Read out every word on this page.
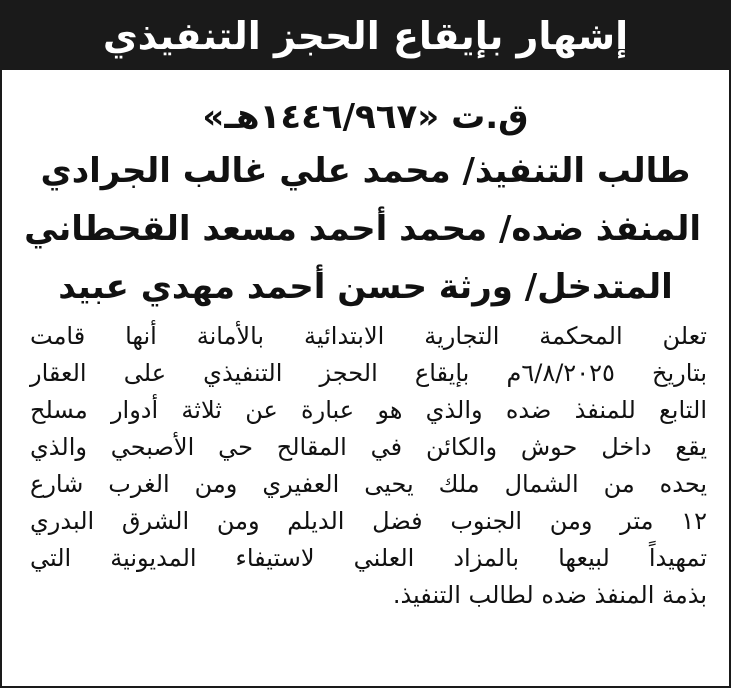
إشهار بإيقاع الحجز التنفيذي
ق.ت «١٤٤٦/٩٦٧هـ»
طالب التنفيذ/ محمد علي غالب الجرادي
المنفذ ضده/ محمد أحمد مسعد القحطاني
المتدخل/ ورثة حسن أحمد مهدي عبيد
تعلن المحكمة التجارية الابتدائية بالأمانة أنها قامت
بتاريخ ٦/٨/٢٠٢٥م بإيقاع الحجز التنفيذي على العقار
التابع للمنفذ ضده والذي هو عبارة عن ثلاثة أدوار مسلح
يقع داخل حوش والكائن في المقالح حي الأصبحي والذي
يحده من الشمال ملك يحيى العفيري ومن الغرب شارع
١٢ متر ومن الجنوب فضل الديلم ومن الشرق البدري
تمهيداً لبيعها بالمزاد العلني لاستيفاء المديونية التي
بذمة المنفذ ضده لطالب التنفيذ.
